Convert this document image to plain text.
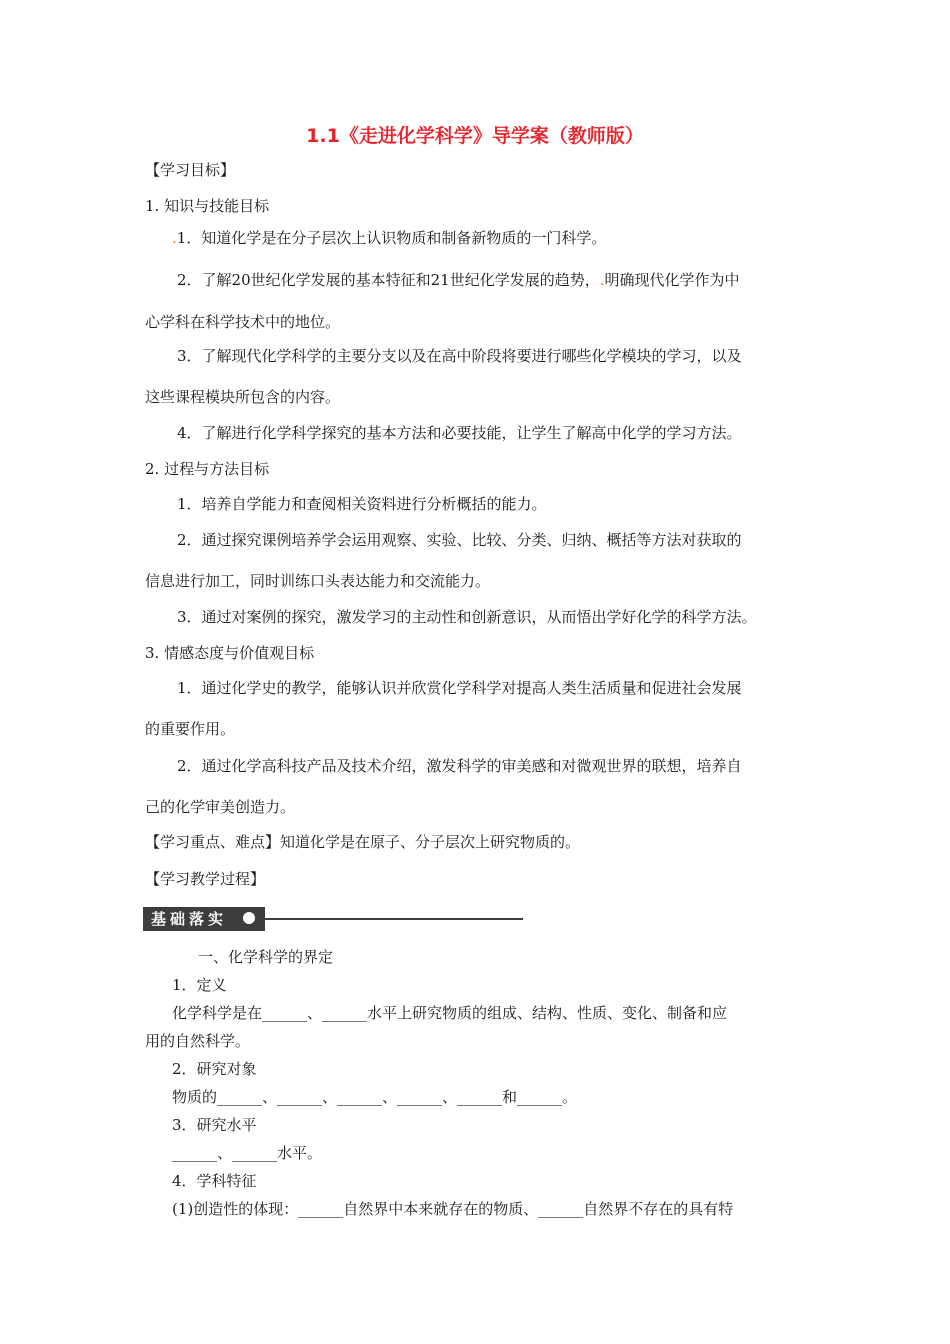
1.1《走进化学科学》导学案（教师版）
【学习目标】
1. 知识与技能目标
.1．知道化学是在分子层次上认识物质和制备新物质的一门科学。
2．了解20世纪化学发展的基本特征和21世纪化学发展的趋势，.明确现代化学作为中
心学科在科学技术中的地位。
3．了解现代化学科学的主要分支以及在高中阶段将要进行哪些化学模块的学习，以及
这些课程模块所包含的内容。
4．了解进行化学科学探究的基本方法和必要技能，让学生了解高中化学的学习方法。
2. 过程与方法目标
1．培养自学能力和查阅相关资料进行分析概括的能力。
2．通过探究课例培养学会运用观察、实验、比较、分类、归纳、概括等方法对获取的
信息进行加工，同时训练口头表达能力和交流能力。
3．通过对案例的探究，激发学习的主动性和创新意识，从而悟出学好化学的科学方法。
3. 情感态度与价值观目标
1．通过化学史的教学，能够认识并欣赏化学科学对提高人类生活质量和促进社会发展
的重要作用。
2．通过化学高科技产品及技术介绍，激发科学的审美感和对微观世界的联想，培养自
己的化学审美创造力。
【学习重点、难点】知道化学是在原子、分子层次上研究物质的。
【学习教学过程】
基础落实
一、化学科学的界定
1．定义
化学科学是在______、______水平上研究物质的组成、结构、性质、变化、制备和应
用的自然科学。
2．研究对象
物质的______、______、______、______、______和______。
3．研究水平
______、______水平。
4．学科特征
(1)创造性的体现：______自然界中本来就存在的物质、______自然界不存在的具有特
